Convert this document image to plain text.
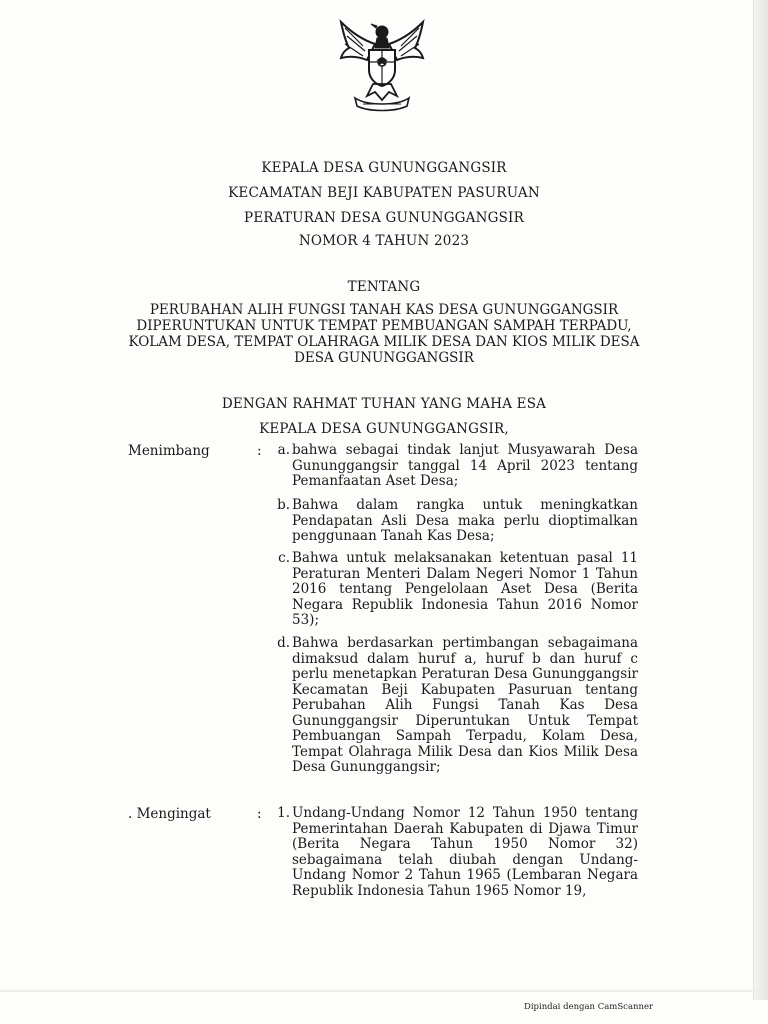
KEPALA DESA GUNUNGGANGSIR
KECAMATAN BEJI KABUPATEN PASURUAN
PERATURAN DESA GUNUNGGANGSIR
NOMOR 4 TAHUN 2023
TENTANG
PERUBAHAN ALIH FUNGSI TANAH KAS DESA GUNUNGGANGSIR
DIPERUNTUKAN UNTUK TEMPAT PEMBUANGAN SAMPAH TERPADU,
KOLAM DESA, TEMPAT OLAHRAGA MILIK DESA DAN KIOS MILIK DESA
DESA GUNUNGGANGSIR
DENGAN RAHMAT TUHAN YANG MAHA ESA
KEPALA DESA GUNUNGGANGSIR,
Menimbang	:	a. bahwa sebagai tindak lanjut Musyawarah Desa Gununggangsir tanggal 14 April 2023 tentang Pemanfaatan Aset Desa;
b. Bahwa dalam rangka untuk meningkatkan Pendapatan Asli Desa maka perlu dioptimalkan penggunaan Tanah Kas Desa;
c. Bahwa untuk melaksanakan ketentuan pasal 11 Peraturan Menteri Dalam Negeri Nomor 1 Tahun 2016 tentang Pengelolaan Aset Desa (Berita Negara Republik Indonesia Tahun 2016 Nomor 53);
d. Bahwa berdasarkan pertimbangan sebagaimana dimaksud dalam huruf a, huruf b dan huruf c perlu menetapkan Peraturan Desa Gununggangsir Kecamatan Beji Kabupaten Pasuruan tentang Perubahan Alih Fungsi Tanah Kas Desa Gununggangsir Diperuntukan Untuk Tempat Pembuangan Sampah Terpadu, Kolam Desa, Tempat Olahraga Milik Desa dan Kios Milik Desa Desa Gununggangsir;
. Mengingat	:	1. Undang-Undang Nomor 12 Tahun 1950 tentang Pemerintahan Daerah Kabupaten di Djawa Timur (Berita Negara Tahun 1950 Nomor 32) sebagaimana telah diubah dengan Undang-Undang Nomor 2 Tahun 1965 (Lembaran Negara Republik Indonesia Tahun 1965 Nomor 19,
Dipindai dengan CamScanner
